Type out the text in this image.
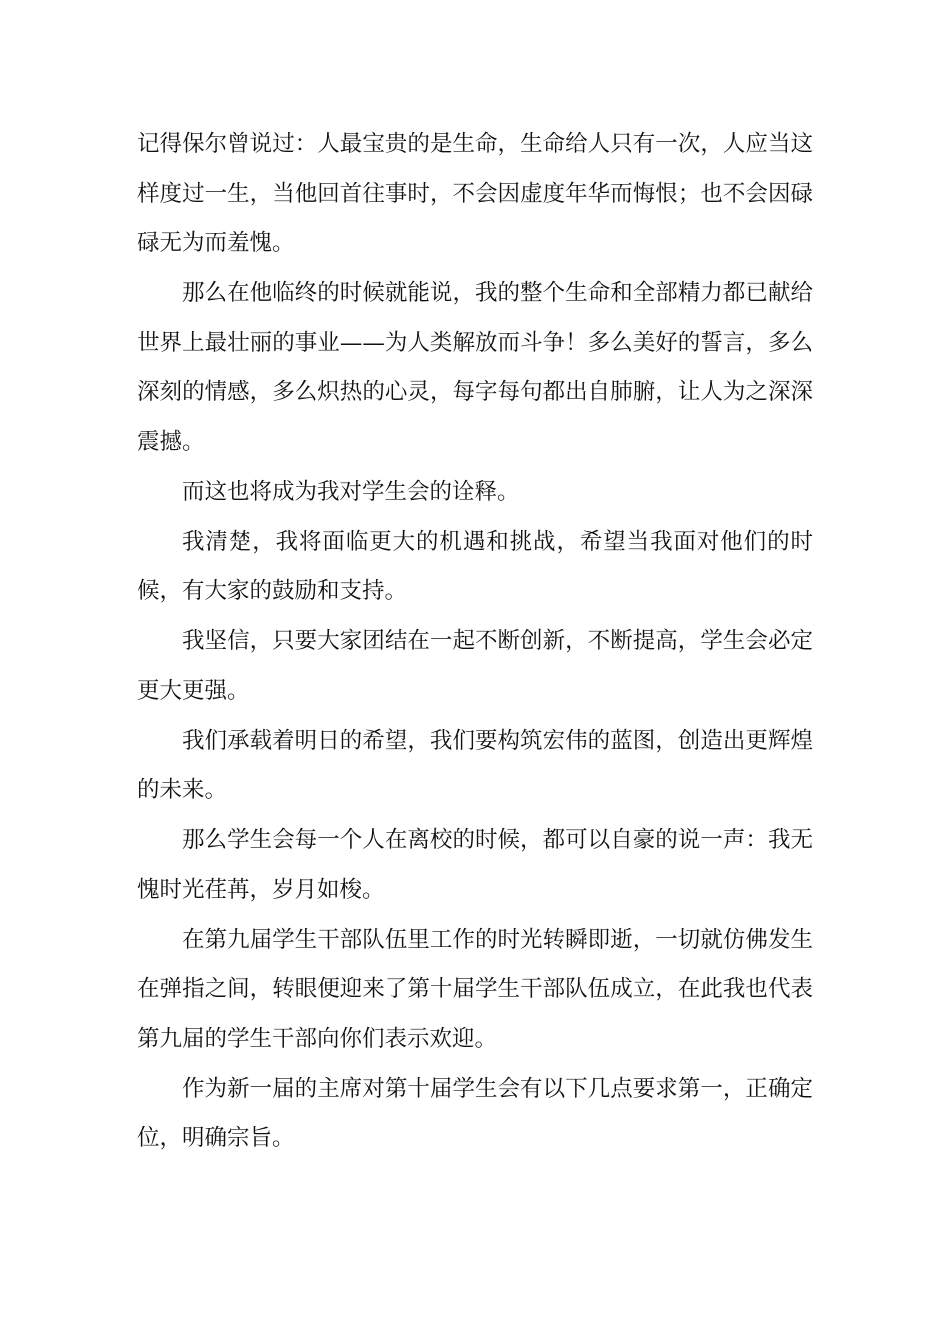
记得保尔曾说过：人最宝贵的是生命，生命给人只有一次，人应当这样度过一生，当他回首往事时，不会因虚度年华而悔恨；也不会因碌碌无为而羞愧。

那么在他临终的时候就能说，我的整个生命和全部精力都已献给世界上最壮丽的事业——为人类解放而斗争！多么美好的誓言，多么深刻的情感，多么炽热的心灵，每字每句都出自肺腑，让人为之深深震撼。

而这也将成为我对学生会的诠释。

我清楚，我将面临更大的机遇和挑战，希望当我面对他们的时候，有大家的鼓励和支持。

我坚信，只要大家团结在一起不断创新，不断提高，学生会必定更大更强。

我们承载着明日的希望，我们要构筑宏伟的蓝图，创造出更辉煌的未来。

那么学生会每一个人在离校的时候，都可以自豪的说一声：我无愧时光荏苒，岁月如梭。

在第九届学生干部队伍里工作的时光转瞬即逝，一切就仿佛发生在弹指之间，转眼便迎来了第十届学生干部队伍成立，在此我也代表第九届的学生干部向你们表示欢迎。

作为新一届的主席对第十届学生会有以下几点要求第一，正确定位，明确宗旨。
